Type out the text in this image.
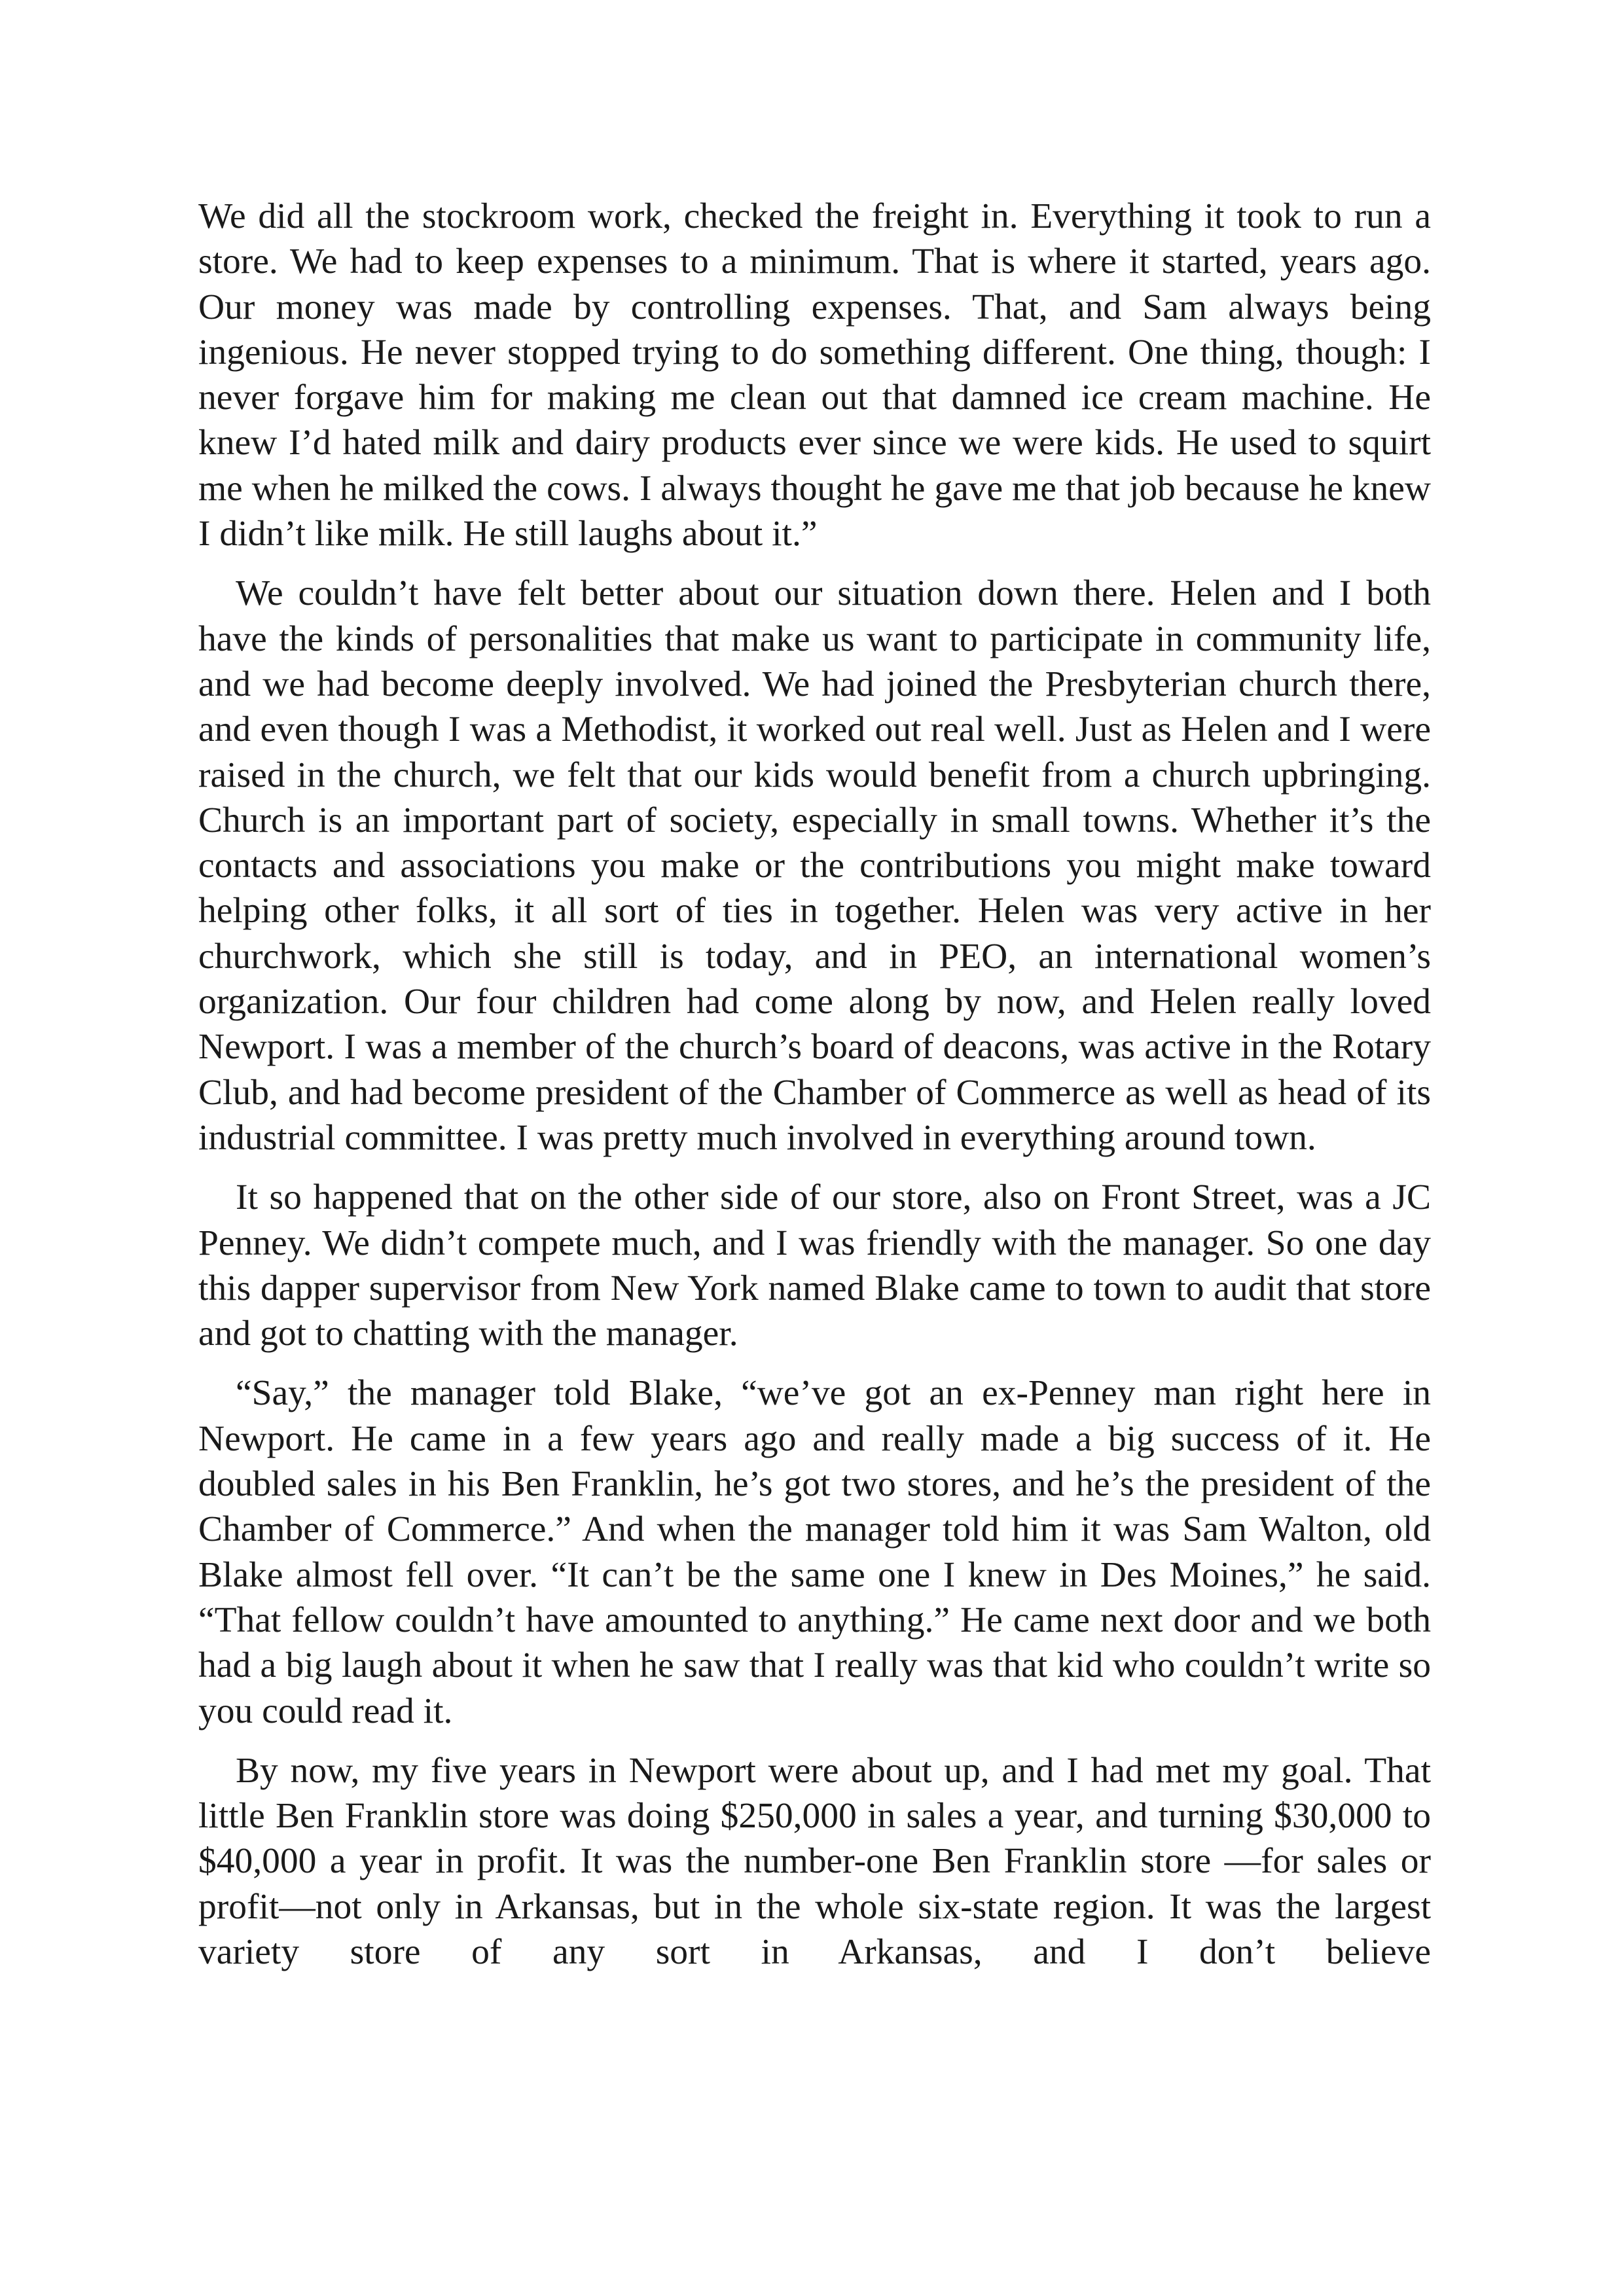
We did all the stockroom work, checked the freight in. Everything it took to run a store. We had to keep expenses to a minimum. That is where it started, years ago. Our money was made by controlling expenses. That, and Sam always being ingenious. He never stopped trying to do something different. One thing, though: I never forgave him for making me clean out that damned ice cream machine. He knew I’d hated milk and dairy products ever since we were kids. He used to squirt me when he milked the cows. I always thought he gave me that job because he knew I didn’t like milk. He still laughs about it.”

We couldn’t have felt better about our situation down there. Helen and I both have the kinds of personalities that make us want to participate in community life, and we had become deeply involved. We had joined the Presbyterian church there, and even though I was a Methodist, it worked out real well. Just as Helen and I were raised in the church, we felt that our kids would benefit from a church upbringing. Church is an important part of society, especially in small towns. Whether it’s the contacts and associations you make or the contributions you might make toward helping other folks, it all sort of ties in together. Helen was very active in her churchwork, which she still is today, and in PEO, an international women’s organization. Our four children had come along by now, and Helen really loved Newport. I was a member of the church’s board of deacons, was active in the Rotary Club, and had become president of the Chamber of Commerce as well as head of its industrial committee. I was pretty much involved in everything around town.

It so happened that on the other side of our store, also on Front Street, was a JC Penney. We didn’t compete much, and I was friendly with the manager. So one day this dapper supervisor from New York named Blake came to town to audit that store and got to chatting with the manager.

“Say,” the manager told Blake, “we’ve got an ex-Penney man right here in Newport. He came in a few years ago and really made a big success of it. He doubled sales in his Ben Franklin, he’s got two stores, and he’s the president of the Chamber of Commerce.” And when the manager told him it was Sam Walton, old Blake almost fell over. “It can’t be the same one I knew in Des Moines,” he said. “That fellow couldn’t have amounted to anything.” He came next door and we both had a big laugh about it when he saw that I really was that kid who couldn’t write so you could read it.

By now, my five years in Newport were about up, and I had met my goal. That little Ben Franklin store was doing $250,000 in sales a year, and turning $30,000 to $40,000 a year in profit. It was the number-one Ben Franklin store —for sales or profit—not only in Arkansas, but in the whole six-state region. It was the largest variety store of any sort in Arkansas, and I don’t believe
